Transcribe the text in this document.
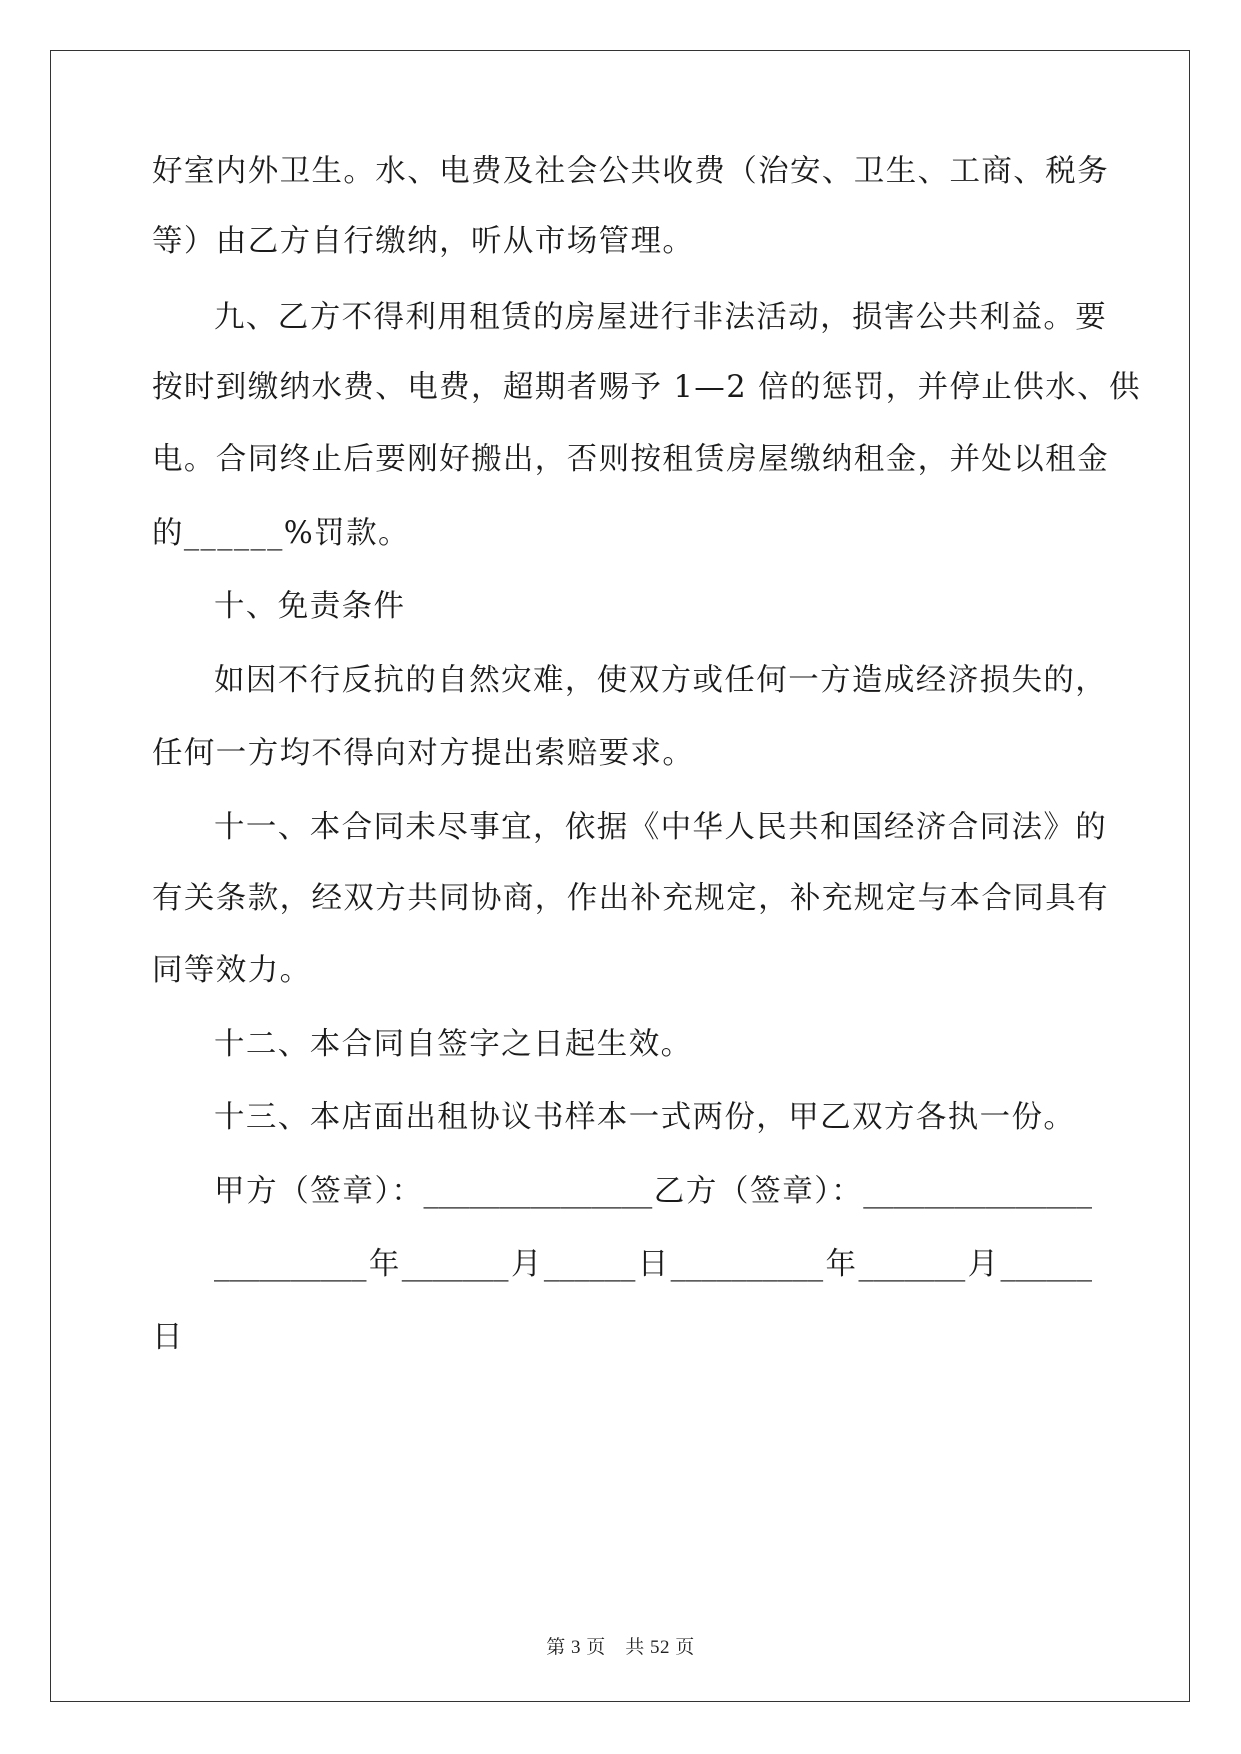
好室内外卫生。水、电费及社会公共收费（治安、卫生、工商、税务
等）由乙方自行缴纳，听从市场管理。
九、乙方不得利用租赁的房屋进行非法活动，损害公共利益。要
按时到缴纳水费、电费，超期者赐予 1—2 倍的惩罚，并停止供水、供
电。合同终止后要刚好搬出，否则按租赁房屋缴纳租金，并处以租金
的______%罚款。
十、免责条件
如因不行反抗的自然灾难，使双方或任何一方造成经济损失的，
任何一方均不得向对方提出索赔要求。
十一、本合同未尽事宜，依据《中华人民共和国经济合同法》的
有关条款，经双方共同协商，作出补充规定，补充规定与本合同具有
同等效力。
十二、本合同自签字之日起生效。
十三、本店面出租协议书样本一式两份，甲乙双方各执一份。
甲方（签章）：_______________乙方（签章）：_______________
__________年_______月______日__________年_______月______
日
第 3 页　共 52 页
